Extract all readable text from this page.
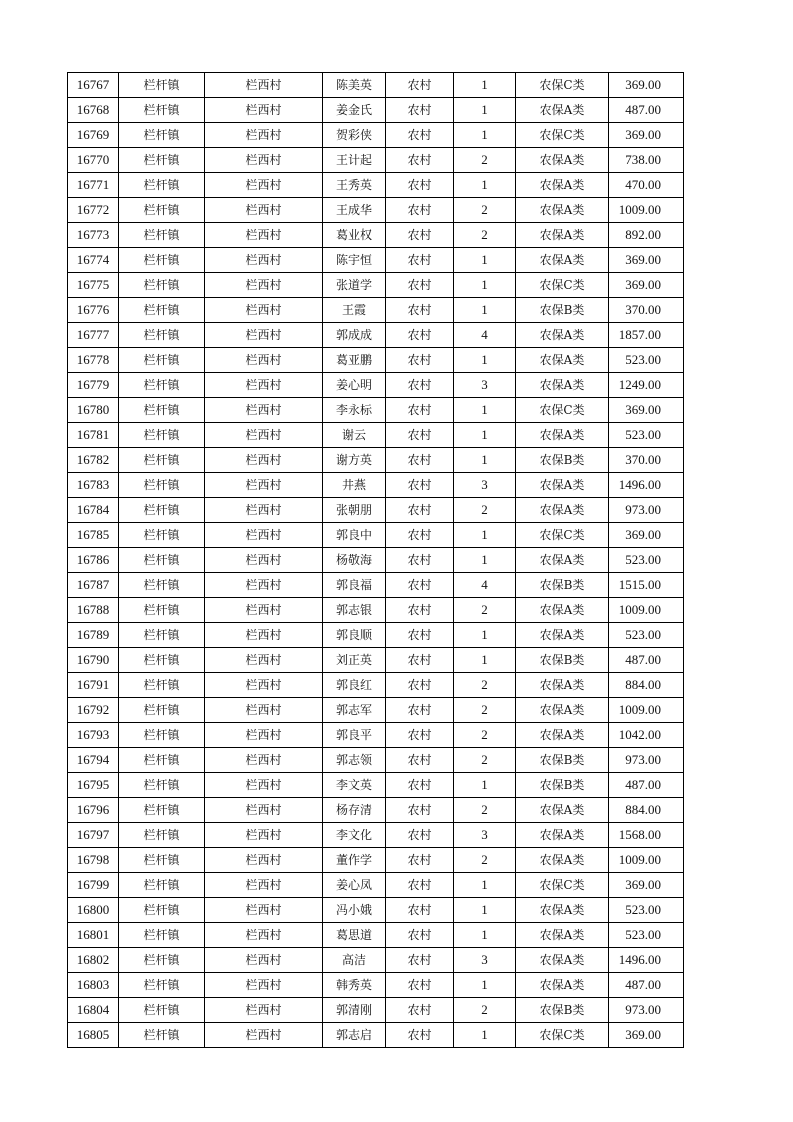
16767	栏杆镇	栏西村	陈美英	农村	1	农保C类	369.00
16768	栏杆镇	栏西村	姜金氏	农村	1	农保A类	487.00
16769	栏杆镇	栏西村	贺彩侠	农村	1	农保C类	369.00
16770	栏杆镇	栏西村	王计起	农村	2	农保A类	738.00
16771	栏杆镇	栏西村	王秀英	农村	1	农保A类	470.00
16772	栏杆镇	栏西村	王成华	农村	2	农保A类	1009.00
16773	栏杆镇	栏西村	葛业权	农村	2	农保A类	892.00
16774	栏杆镇	栏西村	陈宇恒	农村	1	农保A类	369.00
16775	栏杆镇	栏西村	张道学	农村	1	农保C类	369.00
16776	栏杆镇	栏西村	王霞	农村	1	农保B类	370.00
16777	栏杆镇	栏西村	郭成成	农村	4	农保A类	1857.00
16778	栏杆镇	栏西村	葛亚鹏	农村	1	农保A类	523.00
16779	栏杆镇	栏西村	姜心明	农村	3	农保A类	1249.00
16780	栏杆镇	栏西村	李永标	农村	1	农保C类	369.00
16781	栏杆镇	栏西村	谢云	农村	1	农保A类	523.00
16782	栏杆镇	栏西村	谢方英	农村	1	农保B类	370.00
16783	栏杆镇	栏西村	井燕	农村	3	农保A类	1496.00
16784	栏杆镇	栏西村	张朝朋	农村	2	农保A类	973.00
16785	栏杆镇	栏西村	郭良中	农村	1	农保C类	369.00
16786	栏杆镇	栏西村	杨敬海	农村	1	农保A类	523.00
16787	栏杆镇	栏西村	郭良福	农村	4	农保B类	1515.00
16788	栏杆镇	栏西村	郭志银	农村	2	农保A类	1009.00
16789	栏杆镇	栏西村	郭良顺	农村	1	农保A类	523.00
16790	栏杆镇	栏西村	刘正英	农村	1	农保B类	487.00
16791	栏杆镇	栏西村	郭良红	农村	2	农保A类	884.00
16792	栏杆镇	栏西村	郭志军	农村	2	农保A类	1009.00
16793	栏杆镇	栏西村	郭良平	农村	2	农保A类	1042.00
16794	栏杆镇	栏西村	郭志领	农村	2	农保B类	973.00
16795	栏杆镇	栏西村	李文英	农村	1	农保B类	487.00
16796	栏杆镇	栏西村	杨存清	农村	2	农保A类	884.00
16797	栏杆镇	栏西村	李文化	农村	3	农保A类	1568.00
16798	栏杆镇	栏西村	董作学	农村	2	农保A类	1009.00
16799	栏杆镇	栏西村	姜心凤	农村	1	农保C类	369.00
16800	栏杆镇	栏西村	冯小娥	农村	1	农保A类	523.00
16801	栏杆镇	栏西村	葛思道	农村	1	农保A类	523.00
16802	栏杆镇	栏西村	高洁	农村	3	农保A类	1496.00
16803	栏杆镇	栏西村	韩秀英	农村	1	农保A类	487.00
16804	栏杆镇	栏西村	郭清刚	农村	2	农保B类	973.00
16805	栏杆镇	栏西村	郭志启	农村	1	农保C类	369.00
